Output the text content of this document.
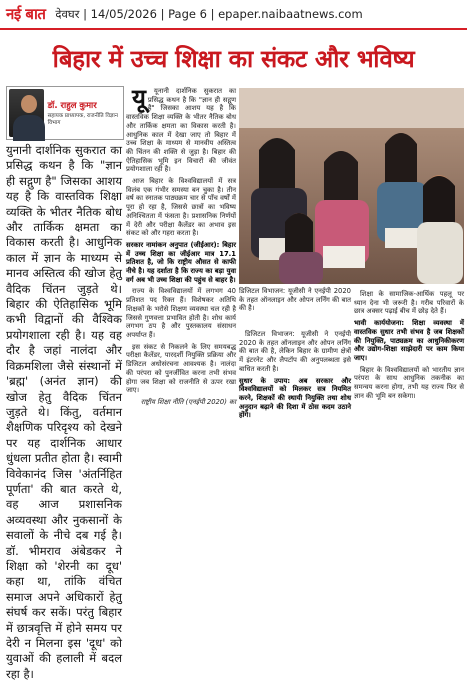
नई बात देवघर | 14/05/2026 | Page 6 | epaper.naibaatnews.com
बिहार में उच्च शिक्षा का संकट और भविष्य
डॉ. राहुल कुमार
सहायक प्राध्यापक, राजनीति विज्ञान विभाग
युनानी दार्शनिक सुकरात का प्रसिद्ध कथन है कि "ज्ञान ही सद्गुण है" जिसका आशय यह है कि वास्तविक शिक्षा व्यक्ति के भीतर नैतिक बोध और तार्किक क्षमता का विकास करती है। आधुनिक काल में ज्ञान के माध्यम से मानव अस्तित्व की खोज हेतु वैदिक चिंतन जुड़ते थे। बिहार की ऐतिहासिक भूमि कभी विद्वानों की वैश्विक प्रयोगशाला रही है। यह वह दौर है जहां नालंदा और विक्रमशिला जैसे संस्थानों में 'ब्रह्म' (अनंत ज्ञान) की खोज हेतु वैदिक चिंतन जुड़ते थे। किंतु, वर्तमान शैक्षणिक परिदृश्य को देखने पर यह दार्शनिक आधार धुंधला प्रतीत होता है। स्वामी विवेकानंद जिस 'अंतर्निहित पूर्णता' की बात करते थे, वह आज प्रशासनिक अव्यवस्था और नुकसानों के सवालों के नीचे दब गई है। डॉ. भीमराव अंबेडकर ने शिक्षा को 'शेरनी का दूध' कहा था, तांकि वंचित समाज अपने अधिकारों हेतु संघर्ष कर सकें। परंतु बिहार में छात्रवृत्ति में होने समय पर देरी न मिलना इस 'दूध' को युवाओं की हलाली में बदल रहा है।

यू यूनानी दार्शनिक सुकरात का प्रसिद्ध कथन है कि "ज्ञान ही सद्गुण है" जिसका आशय यह है कि वास्तविक शिक्षा व्यक्ति के भीतर नैतिक बोध और तार्किक क्षमता का विकास करती है। आधुनिक काल में देखा जाए तो बिहार में उच्च शिक्षा के माध्यम से मानवीय अस्तित्व की चिंतन की शक्ति से जुड़ा है। बिहार की ऐतिहासिक भूमि इन विचारों की जीवंत प्रयोगशाला रही है।

आज बिहार के विश्वविद्यालयों में सत्र विलंब एक गंभीर समस्या बन चुका है। तीन वर्ष का स्नातक पाठ्यक्रम चार से पाँच वर्षों में पूरा हो रहा है, जिससे छात्रों का भविष्य अनिश्चितता में फंसता है। प्रशासनिक निर्णयों में देरी और परीक्षा कैलेंडर का अभाव इस संकट को और गहरा करता है।

सरकार नामांकन अनुपात (जीईआर): बिहार में उच्च शिक्षा का जीईआर मात्र 17.1 प्रतिशत है, जो कि राष्ट्रीय औसत से काफी नीचे है। यह दर्शाता है कि राज्य का बड़ा युवा वर्ग अब भी उच्च शिक्षा की पहुंच से बाहर है।

राज्य के विश्वविद्यालयों में लगभग 40 प्रतिशत पद रिक्त हैं। विशेषकर अतिथि शिक्षकों के भरोसे शिक्षण व्यवस्था चल रही है जिससे गुणवत्ता प्रभावित होती है। शोध कार्य लगभग ठप है और पुस्तकालय संसाधन अपर्याप्त हैं।

इस संकट से निकलने के लिए समयबद्ध परीक्षा कैलेंडर, पारदर्शी नियुक्ति प्रक्रिया और डिजिटल अधोसंरचना आवश्यक है। नालंदा की परंपरा को पुनर्जीवित करना तभी संभव होगा जब शिक्षा को राजनीति से ऊपर रखा जाए।

राष्ट्रीय शिक्षा नीति (एनईपी 2020) का
डिजिटल विभाजन: यूजीसी ने एनईपी 2020 के तहत ऑनलाइन और ओपन लर्निंग की बात की है।

डिजिटल विभाजन: यूजीसी ने एनईपी 2020 के तहत ऑनलाइन और ओपन लर्निंग की बात की है, लेकिन बिहार के ग्रामीण क्षेत्रों में इंटरनेट और लैपटॉप की अनुपलब्धता इसे बाधित करती है।

सुधार के उपाय: अब सरकार और विश्वविद्यालयों को मिलकर सत्र नियमित करने, शिक्षकों की स्थायी नियुक्ति तथा शोध अनुदान बढ़ाने की दिशा में ठोस कदम उठाने होंगे।

शिक्षा के सामाजिक-आर्थिक पहलू पर ध्यान देना भी जरूरी है। गरीब परिवारों के छात्र अक्सर पढ़ाई बीच में छोड़ देते हैं।

भावी कार्ययोजना: शिक्षा व्यवस्था में वास्तविक सुधार तभी संभव है जब शिक्षकों की नियुक्ति, पाठ्यक्रम का आधुनिकीकरण और उद्योग-शिक्षा साझेदारी पर काम किया जाए।

बिहार के विश्वविद्यालयों को भारतीय ज्ञान परंपरा के साथ आधुनिक तकनीक का समन्वय करना होगा, तभी यह राज्य फिर से ज्ञान की भूमि बन सकेगा।
